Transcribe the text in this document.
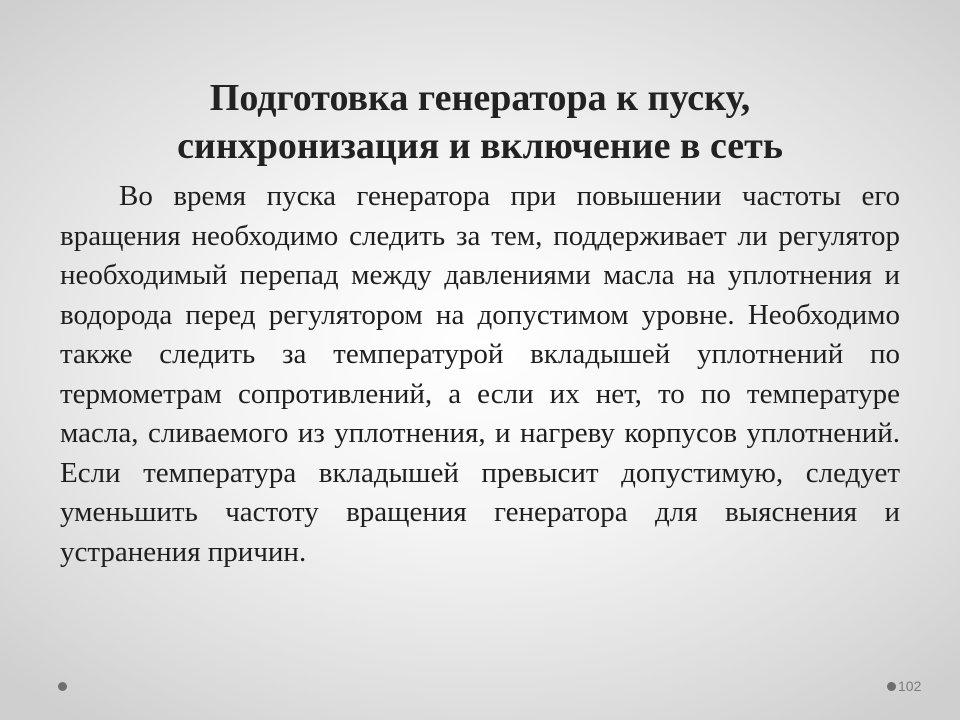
Подготовка генератора к пуску,
синхронизация и включение в сеть

Во время пуска генератора при повышении частоты его вращения необходимо следить за тем, поддерживает ли регулятор необходимый перепад между давлениями масла на уплотнения и водорода перед регулятором на допустимом уровне. Необходимо также следить за температурой вкладышей уплотнений по термометрам сопротивлений, а если их нет, то по температуре масла, сливаемого из уплотнения, и нагреву корпусов уплотнений. Если температура вкладышей превысит допустимую, следует уменьшить частоту вращения генератора для выяснения и устранения причин.

102
